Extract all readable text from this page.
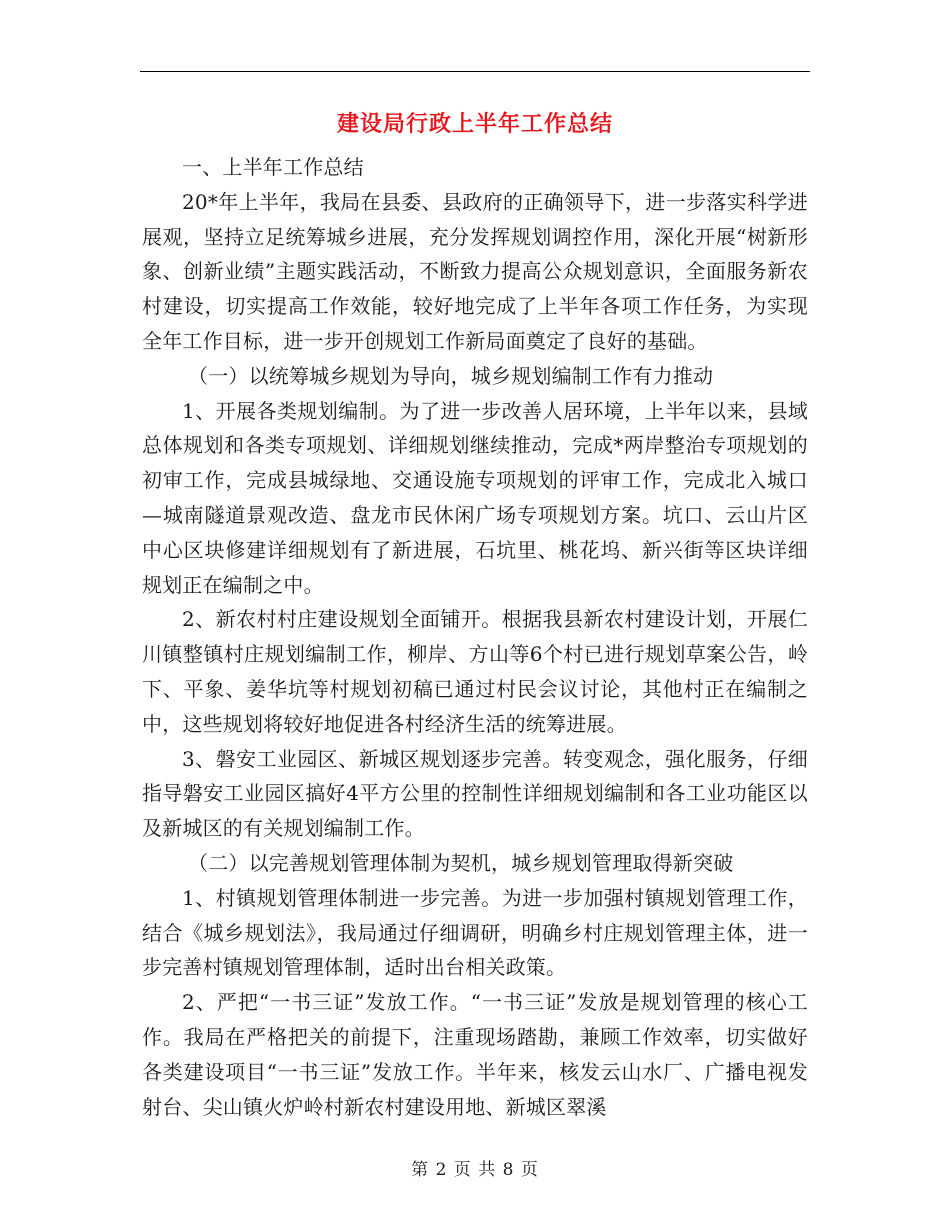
建设局行政上半年工作总结

一、上半年工作总结

20*年上半年，我局在县委、县政府的正确领导下，进一步落实科学进展观，坚持立足统筹城乡进展，充分发挥规划调控作用，深化开展“树新形象、创新业绩”主题实践活动，不断致力提高公众规划意识，全面服务新农村建设，切实提高工作效能，较好地完成了上半年各项工作任务，为实现全年工作目标，进一步开创规划工作新局面奠定了良好的基础。

（一）以统筹城乡规划为导向，城乡规划编制工作有力推动

1、开展各类规划编制。为了进一步改善人居环境，上半年以来，县域总体规划和各类专项规划、详细规划继续推动，完成*两岸整治专项规划的初审工作，完成县城绿地、交通设施专项规划的评审工作，完成北入城口—城南隧道景观改造、盘龙市民休闲广场专项规划方案。坑口、云山片区中心区块修建详细规划有了新进展，石坑里、桃花坞、新兴街等区块详细规划正在编制之中。

2、新农村村庄建设规划全面铺开。根据我县新农村建设计划，开展仁川镇整镇村庄规划编制工作，柳岸、方山等6个村已进行规划草案公告，岭下、平象、姜华坑等村规划初稿已通过村民会议讨论，其他村正在编制之中，这些规划将较好地促进各村经济生活的统筹进展。

3、磐安工业园区、新城区规划逐步完善。转变观念，强化服务，仔细指导磐安工业园区搞好4平方公里的控制性详细规划编制和各工业功能区以及新城区的有关规划编制工作。

（二）以完善规划管理体制为契机，城乡规划管理取得新突破

1、村镇规划管理体制进一步完善。为进一步加强村镇规划管理工作，结合《城乡规划法》，我局通过仔细调研，明确乡村庄规划管理主体，进一步完善村镇规划管理体制，适时出台相关政策。

2、严把“一书三证”发放工作。“一书三证”发放是规划管理的核心工作。我局在严格把关的前提下，注重现场踏勘，兼顾工作效率，切实做好各类建设项目“一书三证”发放工作。半年来，核发云山水厂、广播电视发射台、尖山镇火炉岭村新农村建设用地、新城区翠溪

第 2 页 共 8 页
